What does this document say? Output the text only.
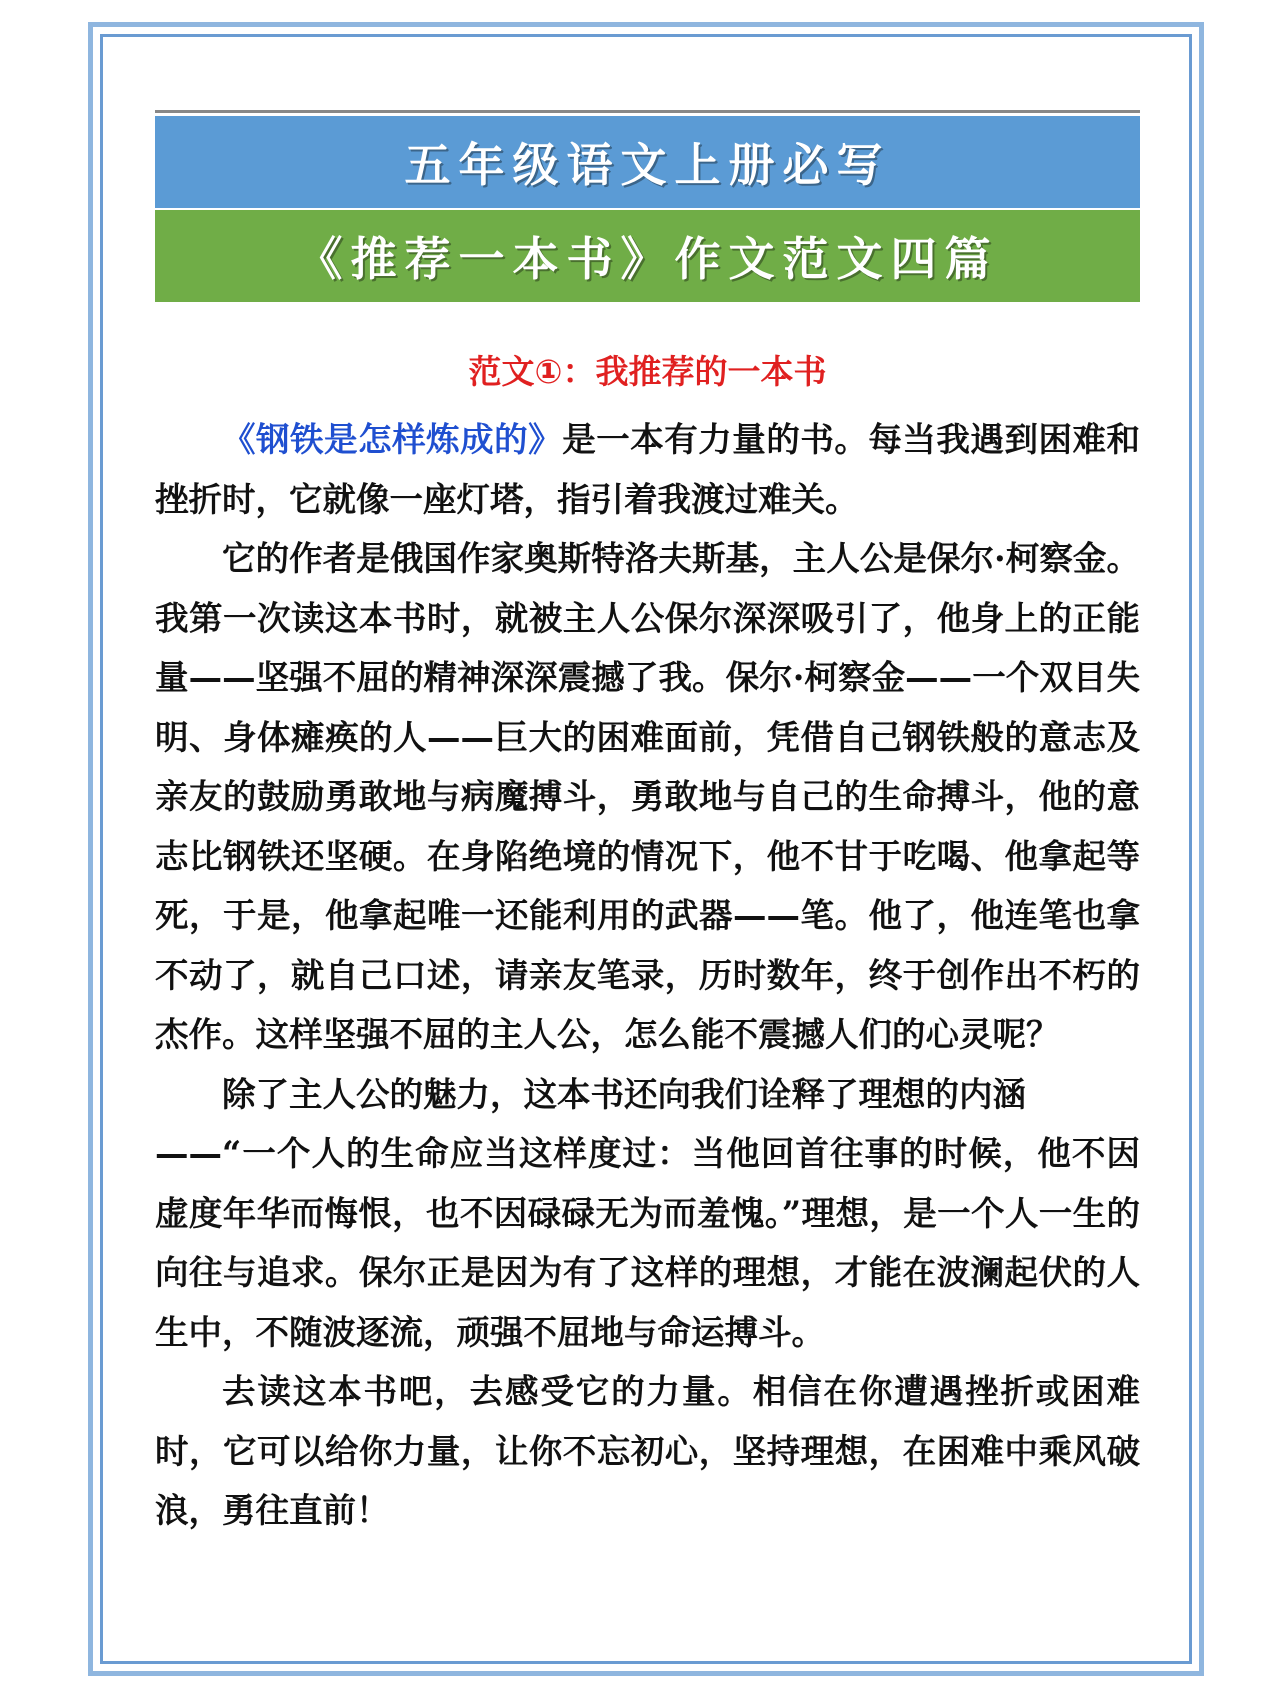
五年级语文上册必写
《推荐一本书》作文范文四篇
范文①：我推荐的一本书

《钢铁是怎样炼成的》是一本有力量的书。每当我遇到困难和挫折时，它就像一座灯塔，指引着我渡过难关。

它的作者是俄国作家奥斯特洛夫斯基，主人公是保尔·柯察金。我第一次读这本书时，就被主人公保尔深深吸引了，他身上的正能量——坚强不屈的精神深深震撼了我。保尔·柯察金——一个双目失明、身体瘫痪的人——巨大的困难面前，凭借自己钢铁般的意志及亲友的鼓励勇敢地与病魔搏斗，勇敢地与自己的生命搏斗，他的意志比钢铁还坚硬。在身陷绝境的情况下，他不甘于吃喝、他拿起等死，于是，他拿起唯一还能利用的武器——笔。他了，他连笔也拿不动了，就自己口述，请亲友笔录，历时数年，终于创作出不朽的杰作。这样坚强不屈的主人公，怎么能不震撼人们的心灵呢？

除了主人公的魅力，这本书还向我们诠释了理想的内涵

——“一个人的生命应当这样度过：当他回首往事的时候，他不因虚度年华而悔恨，也不因碌碌无为而羞愧。”理想，是一个人一生的向往与追求。保尔正是因为有了这样的理想，才能在波澜起伏的人生中，不随波逐流，顽强不屈地与命运搏斗。

去读这本书吧，去感受它的力量。相信在你遭遇挫折或困难时，它可以给你力量，让你不忘初心，坚持理想，在困难中乘风破浪，勇往直前！
